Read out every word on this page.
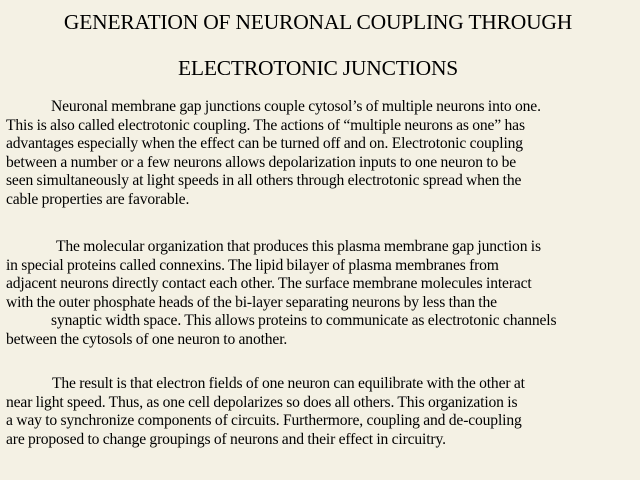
GENERATION OF NEURONAL COUPLING THROUGH
ELECTROTONIC JUNCTIONS

Neuronal membrane gap junctions couple cytosol’s of multiple neurons into one.
This is also called electrotonic coupling. The actions of “multiple neurons as one” has
advantages especially when the effect can be turned off and on. Electrotonic coupling
between a number or a few neurons allows depolarization inputs to one neuron to be
seen simultaneously at light speeds in all others through electrotonic spread when the
cable properties are favorable.

The molecular organization that produces this plasma membrane gap junction is
in special proteins called connexins. The lipid bilayer of plasma membranes from
adjacent neurons directly contact each other. The surface membrane molecules interact
with the outer phosphate heads of the bi-layer separating neurons by less than the
synaptic width space. This allows proteins to communicate as electrotonic channels
between the cytosols of one neuron to another.

The result is that electron fields of one neuron can equilibrate with the other at
near light speed. Thus, as one cell depolarizes so does all others. This organization is
a way to synchronize components of circuits. Furthermore, coupling and de-coupling
are proposed to change groupings of neurons and their effect in circuitry.
